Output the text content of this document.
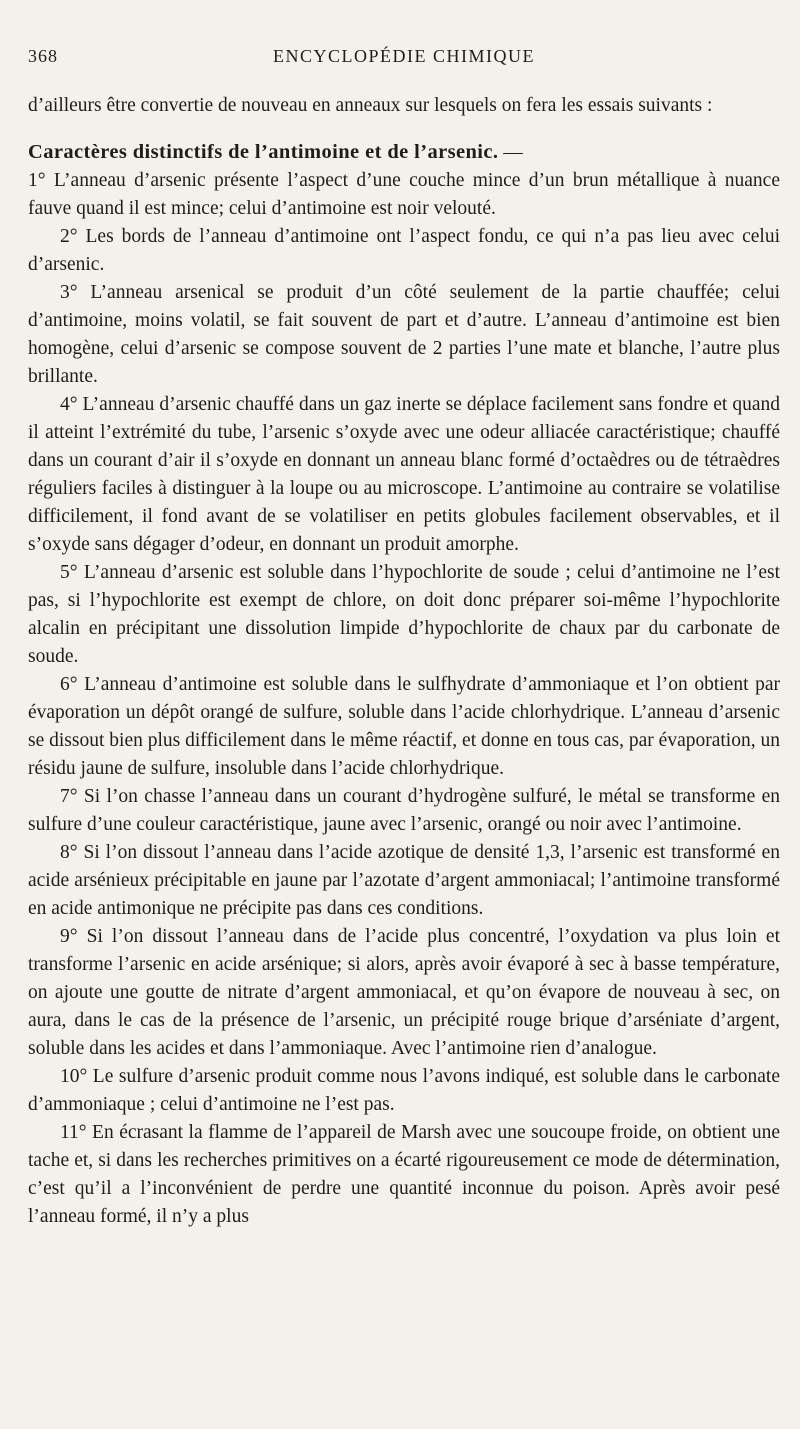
368	ENCYCLOPÉDIE CHIMIQUE

d’ailleurs être convertie de nouveau en anneaux sur lesquels on fera les essais suivants :

Caractères distinctifs de l’antimoine et de l’arsenic. —

1° L’anneau d’arsenic présente l’aspect d’une couche mince d’un brun métallique à nuance fauve quand il est mince; celui d’antimoine est noir velouté.

2° Les bords de l’anneau d’antimoine ont l’aspect fondu, ce qui n’a pas lieu avec celui d’arsenic.

3° L’anneau arsenical se produit d’un côté seulement de la partie chauffée; celui d’antimoine, moins volatil, se fait souvent de part et d’autre. L’anneau d’antimoine est bien homogène, celui d’arsenic se compose souvent de 2 parties l’une mate et blanche, l’autre plus brillante.

4° L’anneau d’arsenic chauffé dans un gaz inerte se déplace facilement sans fondre et quand il atteint l’extrémité du tube, l’arsenic s’oxyde avec une odeur alliacée caractéristique; chauffé dans un courant d’air il s’oxyde en donnant un anneau blanc formé d’octaèdres ou de tétraèdres réguliers faciles à distinguer à la loupe ou au microscope. L’antimoine au contraire se volatilise difficilement, il fond avant de se volatiliser en petits globules facilement observables, et il s’oxyde sans dégager d’odeur, en donnant un produit amorphe.

5° L’anneau d’arsenic est soluble dans l’hypochlorite de soude ; celui d’antimoine ne l’est pas, si l’hypochlorite est exempt de chlore, on doit donc préparer soi-même l’hypochlorite alcalin en précipitant une dissolution limpide d’hypochlorite de chaux par du carbonate de soude.

6° L’anneau d’antimoine est soluble dans le sulfhydrate d’ammoniaque et l’on obtient par évaporation un dépôt orangé de sulfure, soluble dans l’acide chlorhydrique. L’anneau d’arsenic se dissout bien plus difficilement dans le même réactif, et donne en tous cas, par évaporation, un résidu jaune de sulfure, insoluble dans l’acide chlorhydrique.

7° Si l’on chasse l’anneau dans un courant d’hydrogène sulfuré, le métal se transforme en sulfure d’une couleur caractéristique, jaune avec l’arsenic, orangé ou noir avec l’antimoine.

8° Si l’on dissout l’anneau dans l’acide azotique de densité 1,3, l’arsenic est transformé en acide arsénieux précipitable en jaune par l’azotate d’argent ammoniacal; l’antimoine transformé en acide antimonique ne précipite pas dans ces conditions.

9° Si l’on dissout l’anneau dans de l’acide plus concentré, l’oxydation va plus loin et transforme l’arsenic en acide arsénique; si alors, après avoir évaporé à sec à basse température, on ajoute une goutte de nitrate d’argent ammoniacal, et qu’on évapore de nouveau à sec, on aura, dans le cas de la présence de l’arsenic, un précipité rouge brique d’arséniate d’argent, soluble dans les acides et dans l’ammoniaque. Avec l’antimoine rien d’analogue.

10° Le sulfure d’arsenic produit comme nous l’avons indiqué, est soluble dans le carbonate d’ammoniaque ; celui d’antimoine ne l’est pas.

11° En écrasant la flamme de l’appareil de Marsh avec une soucoupe froide, on obtient une tache et, si dans les recherches primitives on a écarté rigoureusement ce mode de détermination, c’est qu’il a l’inconvénient de perdre une quantité inconnue du poison. Après avoir pesé l’anneau formé, il n’y a plus
